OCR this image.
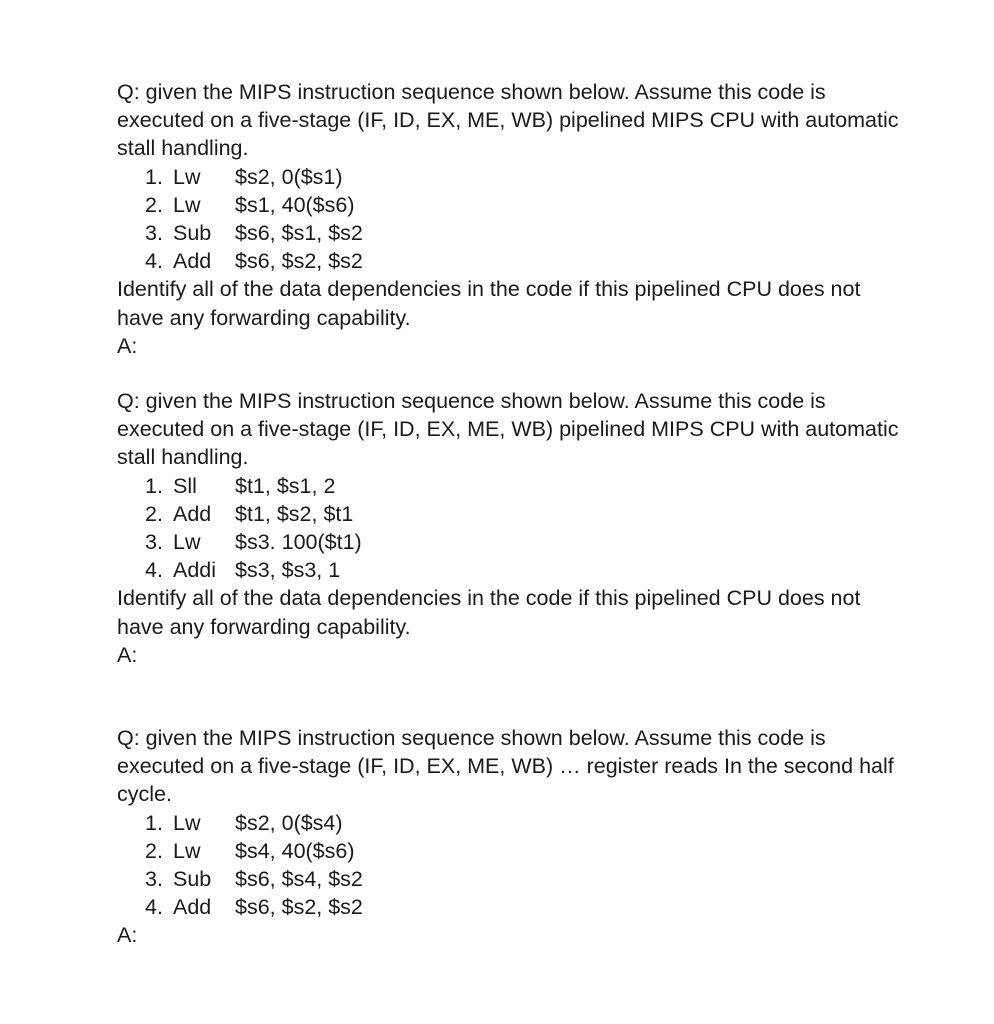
Q: given the MIPS instruction sequence shown below. Assume this code is executed on a five-stage (IF, ID, EX, ME, WB) pipelined MIPS CPU with automatic stall handling.

1. Lw	$s2, 0($s1)
2. Lw	$s1, 40($s6)
3. Sub	$s6, $s1, $s2
4. Add	$s6, $s2, $s2

Identify all of the data dependencies in the code if this pipelined CPU does not have any forwarding capability.

A:

Q: given the MIPS instruction sequence shown below. Assume this code is executed on a five-stage (IF, ID, EX, ME, WB) pipelined MIPS CPU with automatic stall handling.

1. Sll	$t1, $s1, 2
2. Add	$t1, $s2, $t1
3. Lw	$s3. 100($t1)
4. Addi $s3, $s3, 1

Identify all of the data dependencies in the code if this pipelined CPU does not have any forwarding capability.

A:

Q: given the MIPS instruction sequence shown below. Assume this code is executed on a five-stage (IF, ID, EX, ME, WB) … register reads In the second half cycle.

1. Lw	$s2, 0($s4)
2. Lw	$s4, 40($s6)
3. Sub	$s6, $s4, $s2
4. Add	$s6, $s2, $s2

A:
